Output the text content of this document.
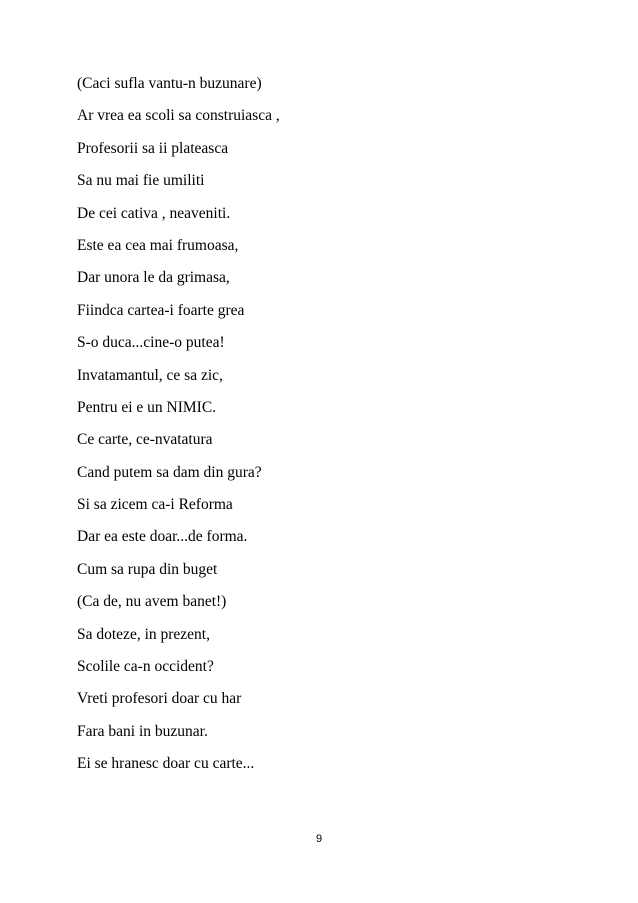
(Caci sufla vantu-n buzunare)
Ar vrea ea scoli sa construiasca ,
Profesorii sa ii plateasca
Sa nu mai fie umiliti
De cei cativa , neaveniti.
Este ea cea mai frumoasa,
Dar unora le da grimasa,
Fiindca cartea-i foarte grea
S-o duca...cine-o putea!
Invatamantul, ce sa zic,
Pentru ei e un NIMIC.
Ce carte, ce-nvatatura
Cand putem sa dam din gura?
Si sa zicem ca-i Reforma
Dar ea este doar...de forma.
Cum sa rupa din buget
(Ca de, nu avem banet!)
Sa doteze, in prezent,
Scolile ca-n occident?
Vreti profesori doar cu har
Fara bani in buzunar.
Ei se hranesc doar cu carte...
9
